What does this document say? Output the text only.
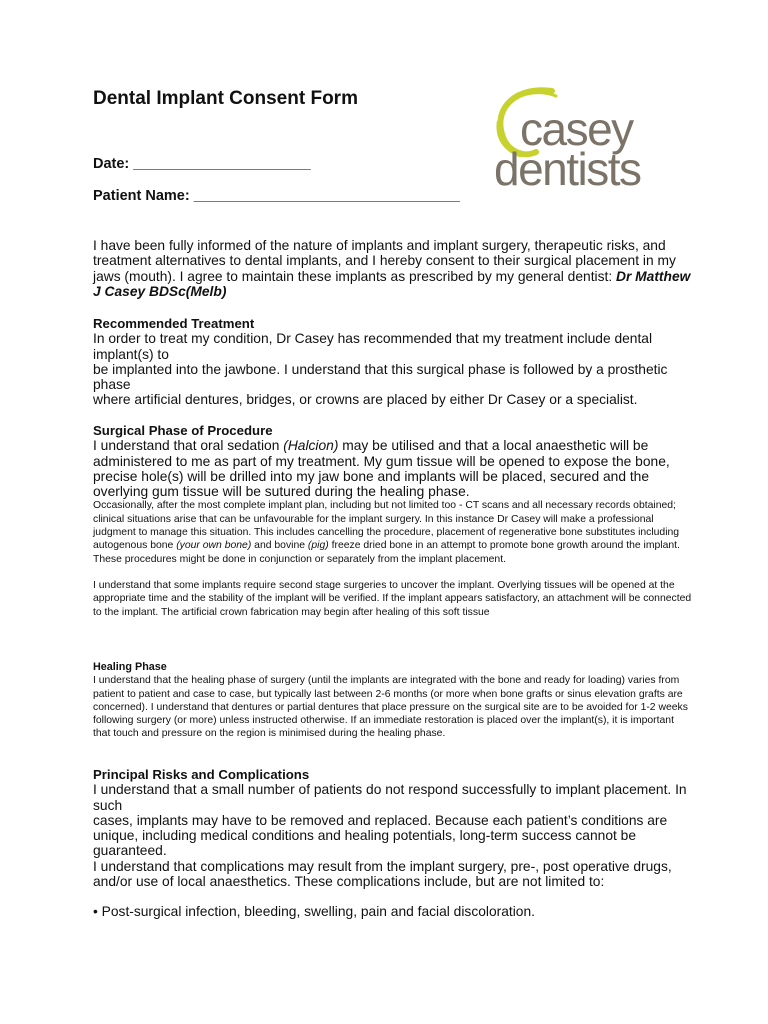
Dental Implant Consent Form
Date: ______________________
Patient Name: _________________________________
casey
dentists

I have been fully informed of the nature of implants and implant surgery, therapeutic risks, and treatment alternatives to dental implants, and I hereby consent to their surgical placement in my jaws (mouth). I agree to maintain these implants as prescribed by my general dentist: Dr Matthew J Casey BDSc(Melb)

Recommended Treatment

In order to treat my condition, Dr Casey has recommended that my treatment include dental implant(s) to

be implanted into the jawbone. I understand that this surgical phase is followed by a prosthetic phase

where artificial dentures, bridges, or crowns are placed by either Dr Casey or a specialist.

Surgical Phase of Procedure

I understand that oral sedation (Halcion) may be utilised and that a local anaesthetic will be administered to me as part of my treatment. My gum tissue will be opened to expose the bone, precise hole(s) will be drilled into my jaw bone and implants will be placed, secured and the overlying gum tissue will be sutured during the healing phase.

Occasionally, after the most complete implant plan, including but not limited too - CT scans and all necessary records obtained; clinical situations arise that can be unfavourable for the implant surgery. In this instance Dr Casey will make a professional judgment to manage this situation. This includes cancelling the procedure, placement of regenerative bone substitutes including autogenous bone (your own bone) and bovine (pig) freeze dried bone in an attempt to promote bone growth around the implant. These procedures might be done in conjunction or separately from the implant placement.

I understand that some implants require second stage surgeries to uncover the implant. Overlying tissues will be opened at the appropriate time and the stability of the implant will be verified. If the implant appears satisfactory, an attachment will be connected to the implant. The artificial crown fabrication may begin after healing of this soft tissue

Healing Phase

I understand that the healing phase of surgery (until the implants are integrated with the bone and ready for loading) varies from patient to patient and case to case, but typically last between 2-6 months (or more when bone grafts or sinus elevation grafts are concerned). I understand that dentures or partial dentures that place pressure on the surgical site are to be avoided for 1-2 weeks following surgery (or more) unless instructed otherwise. If an immediate restoration is placed over the implant(s), it is important that touch and pressure on the region is minimised during the healing phase.

Principal Risks and Complications

I understand that a small number of patients do not respond successfully to implant placement. In such

cases, implants may have to be removed and replaced. Because each patient’s conditions are unique, including medical conditions and healing potentials, long-term success cannot be guaranteed.

I understand that complications may result from the implant surgery, pre-, post operative drugs, and/or use of local anaesthetics. These complications include, but are not limited to:

• Post-surgical infection, bleeding, swelling, pain and facial discoloration.
